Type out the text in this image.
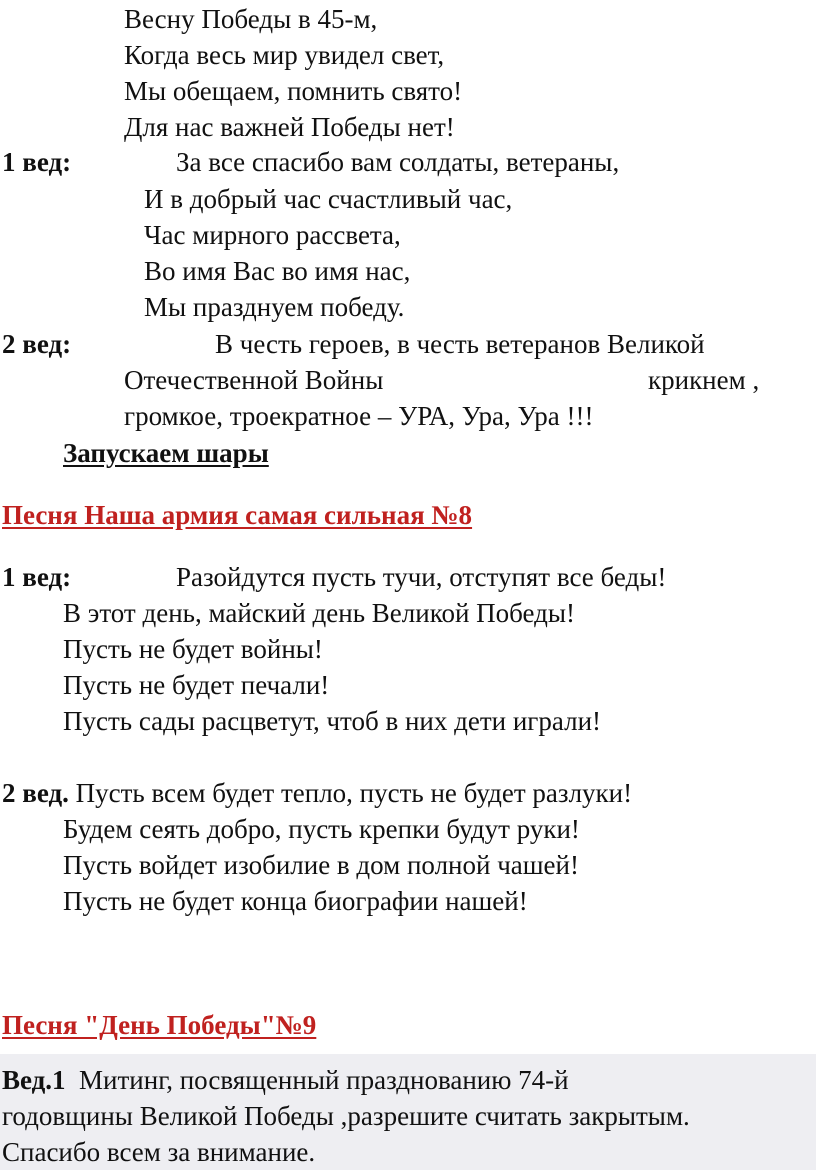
Весну Победы в 45-м,
Когда весь мир увидел свет,
Мы обещаем, помнить свято!
Для нас важней Победы нет!
1 вед:	За все спасибо вам солдаты, ветераны,
И в добрый час счастливый час,
Час мирного рассвета,
Во имя Вас во имя нас,
Мы празднуем победу.
2 вед:	В честь героев, в честь ветеранов Великой
Отечественной Войны	крикнем ,
громкое, троекратное – УРА, Ура, Ура !!!
Запускаем шары
Песня Наша армия самая сильная №8
1 вед:	Разойдутся пусть тучи, отступят все беды!
В этот день, майский день Великой Победы!
Пусть не будет войны!
Пусть не будет печали!
Пусть сады расцветут, чтоб в них дети играли!
2 вед. Пусть всем будет тепло, пусть не будет разлуки!
Будем сеять добро, пусть крепки будут руки!
Пусть войдет изобилие в дом полной чашей!
Пусть не будет конца биографии нашей!
Песня "День Победы"№9
Вед.1 Митинг, посвященный празднованию 74-й
годовщины Великой Победы ,разрешите считать закрытым.
Спасибо всем за внимание.
